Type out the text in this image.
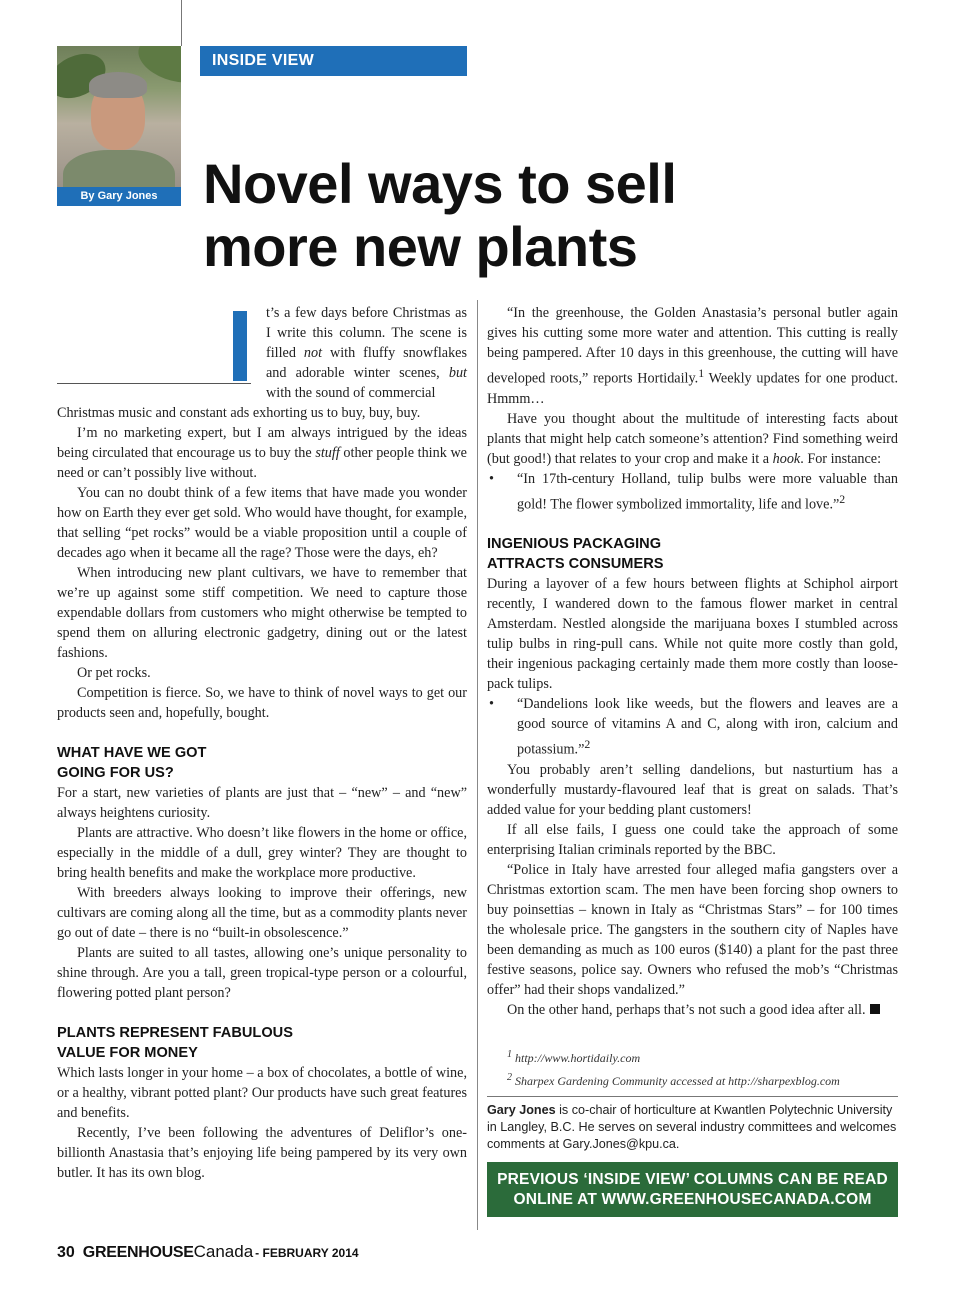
By Gary Jones
INSIDE VIEW
Novel ways to sell
more new plants
t’s a few days before Christmas as I write this column. The scene is filled not with fluffy snowflakes and adorable winter scenes, but with the sound of commercial

Christmas music and constant ads exhorting us to buy, buy, buy.

I’m no marketing expert, but I am always intrigued by the ideas being circulated that encourage us to buy the stuff other people think we need or can’t possibly live without.

You can no doubt think of a few items that have made you wonder how on Earth they ever get sold. Who would have thought, for example, that selling “pet rocks” would be a viable proposition until a couple of decades ago when it became all the rage? Those were the days, eh?

When introducing new plant cultivars, we have to remember that we’re up against some stiff competition. We need to capture those expendable dollars from customers who might otherwise be tempted to spend them on alluring electronic gadgetry, dining out or the latest fashions.

Or pet rocks.

Competition is fierce. So, we have to think of novel ways to get our products seen and, hopefully, bought.

WHAT HAVE WE GOT
GOING FOR US?

For a start, new varieties of plants are just that – “new” – and “new” always heightens curiosity.

Plants are attractive. Who doesn’t like flowers in the home or office, especially in the middle of a dull, grey winter? They are thought to bring health benefits and make the workplace more productive.

With breeders always looking to improve their offerings, new cultivars are coming along all the time, but as a commodity plants never go out of date – there is no “built-in obsolescence.”

Plants are suited to all tastes, allowing one’s unique personality to shine through. Are you a tall, green tropical-type person or a colourful, flowering potted plant person?

PLANTS REPRESENT FABULOUS
VALUE FOR MONEY

Which lasts longer in your home – a box of chocolates, a bottle of wine, or a healthy, vibrant potted plant? Our products have such great features and benefits.

Recently, I’ve been following the adventures of Deliflor’s one-billionth Anastasia that’s enjoying life being pampered by its very own butler. It has its own blog.

“In the greenhouse, the Golden Anastasia’s personal butler again gives his cutting some more water and attention. This cutting is really being pampered. After 10 days in this greenhouse, the cutting will have developed roots,” reports Hortidaily.$^1$ Weekly updates for one product. Hmmm…

Have you thought about the multitude of interesting facts about plants that might help catch someone’s attention? Find something weird (but good!) that relates to your crop and make it a hook. For instance:

•	“In 17th-century Holland, tulip bulbs were more valuable than gold! The flower symbolized immortality, life and love.”$^2$
INGENIOUS PACKAGING
ATTRACTS CONSUMERS

During a layover of a few hours between flights at Schiphol airport recently, I wandered down to the famous flower market in central Amsterdam. Nestled alongside the marijuana boxes I stumbled across tulip bulbs in ring-pull cans. While not quite more costly than gold, their ingenious packaging certainly made them more costly than loose-pack tulips.

•	“Dandelions look like weeds, but the flowers and leaves are a good source of vitamins A and C, along with iron, calcium and potassium.”$^2$

You probably aren’t selling dandelions, but nasturtium has a wonderfully mustardy-flavoured leaf that is great on salads. That’s added value for your bedding plant customers!

If all else fails, I guess one could take the approach of some enterprising Italian criminals reported by the BBC.

“Police in Italy have arrested four alleged mafia gangsters over a Christmas extortion scam. The men have been forcing shop owners to buy poinsettias – known in Italy as “Christmas Stars” – for 100 times the wholesale price. The gangsters in the southern city of Naples have been demanding as much as 100 euros ($140) a plant for the past three festive seasons, police say. Owners who refused the mob’s “Christmas offer” had their shops vandalized.”

On the other hand, perhaps that’s not such a good idea after all.

$^1$ http://www.hortidaily.com
$^2$ Sharpex Gardening Community accessed at http://sharpexblog.com
Gary Jones is co-chair of horticulture at Kwantlen Polytechnic University in Langley, B.C. He serves on several industry committees and welcomes comments at Gary.Jones@kpu.ca.
PREVIOUS ‘INSIDE VIEW’ COLUMNS CAN BE READ
ONLINE AT WWW.GREENHOUSECANADA.COM
30 GREENHOUSE Canada - FEBRUARY 2014
